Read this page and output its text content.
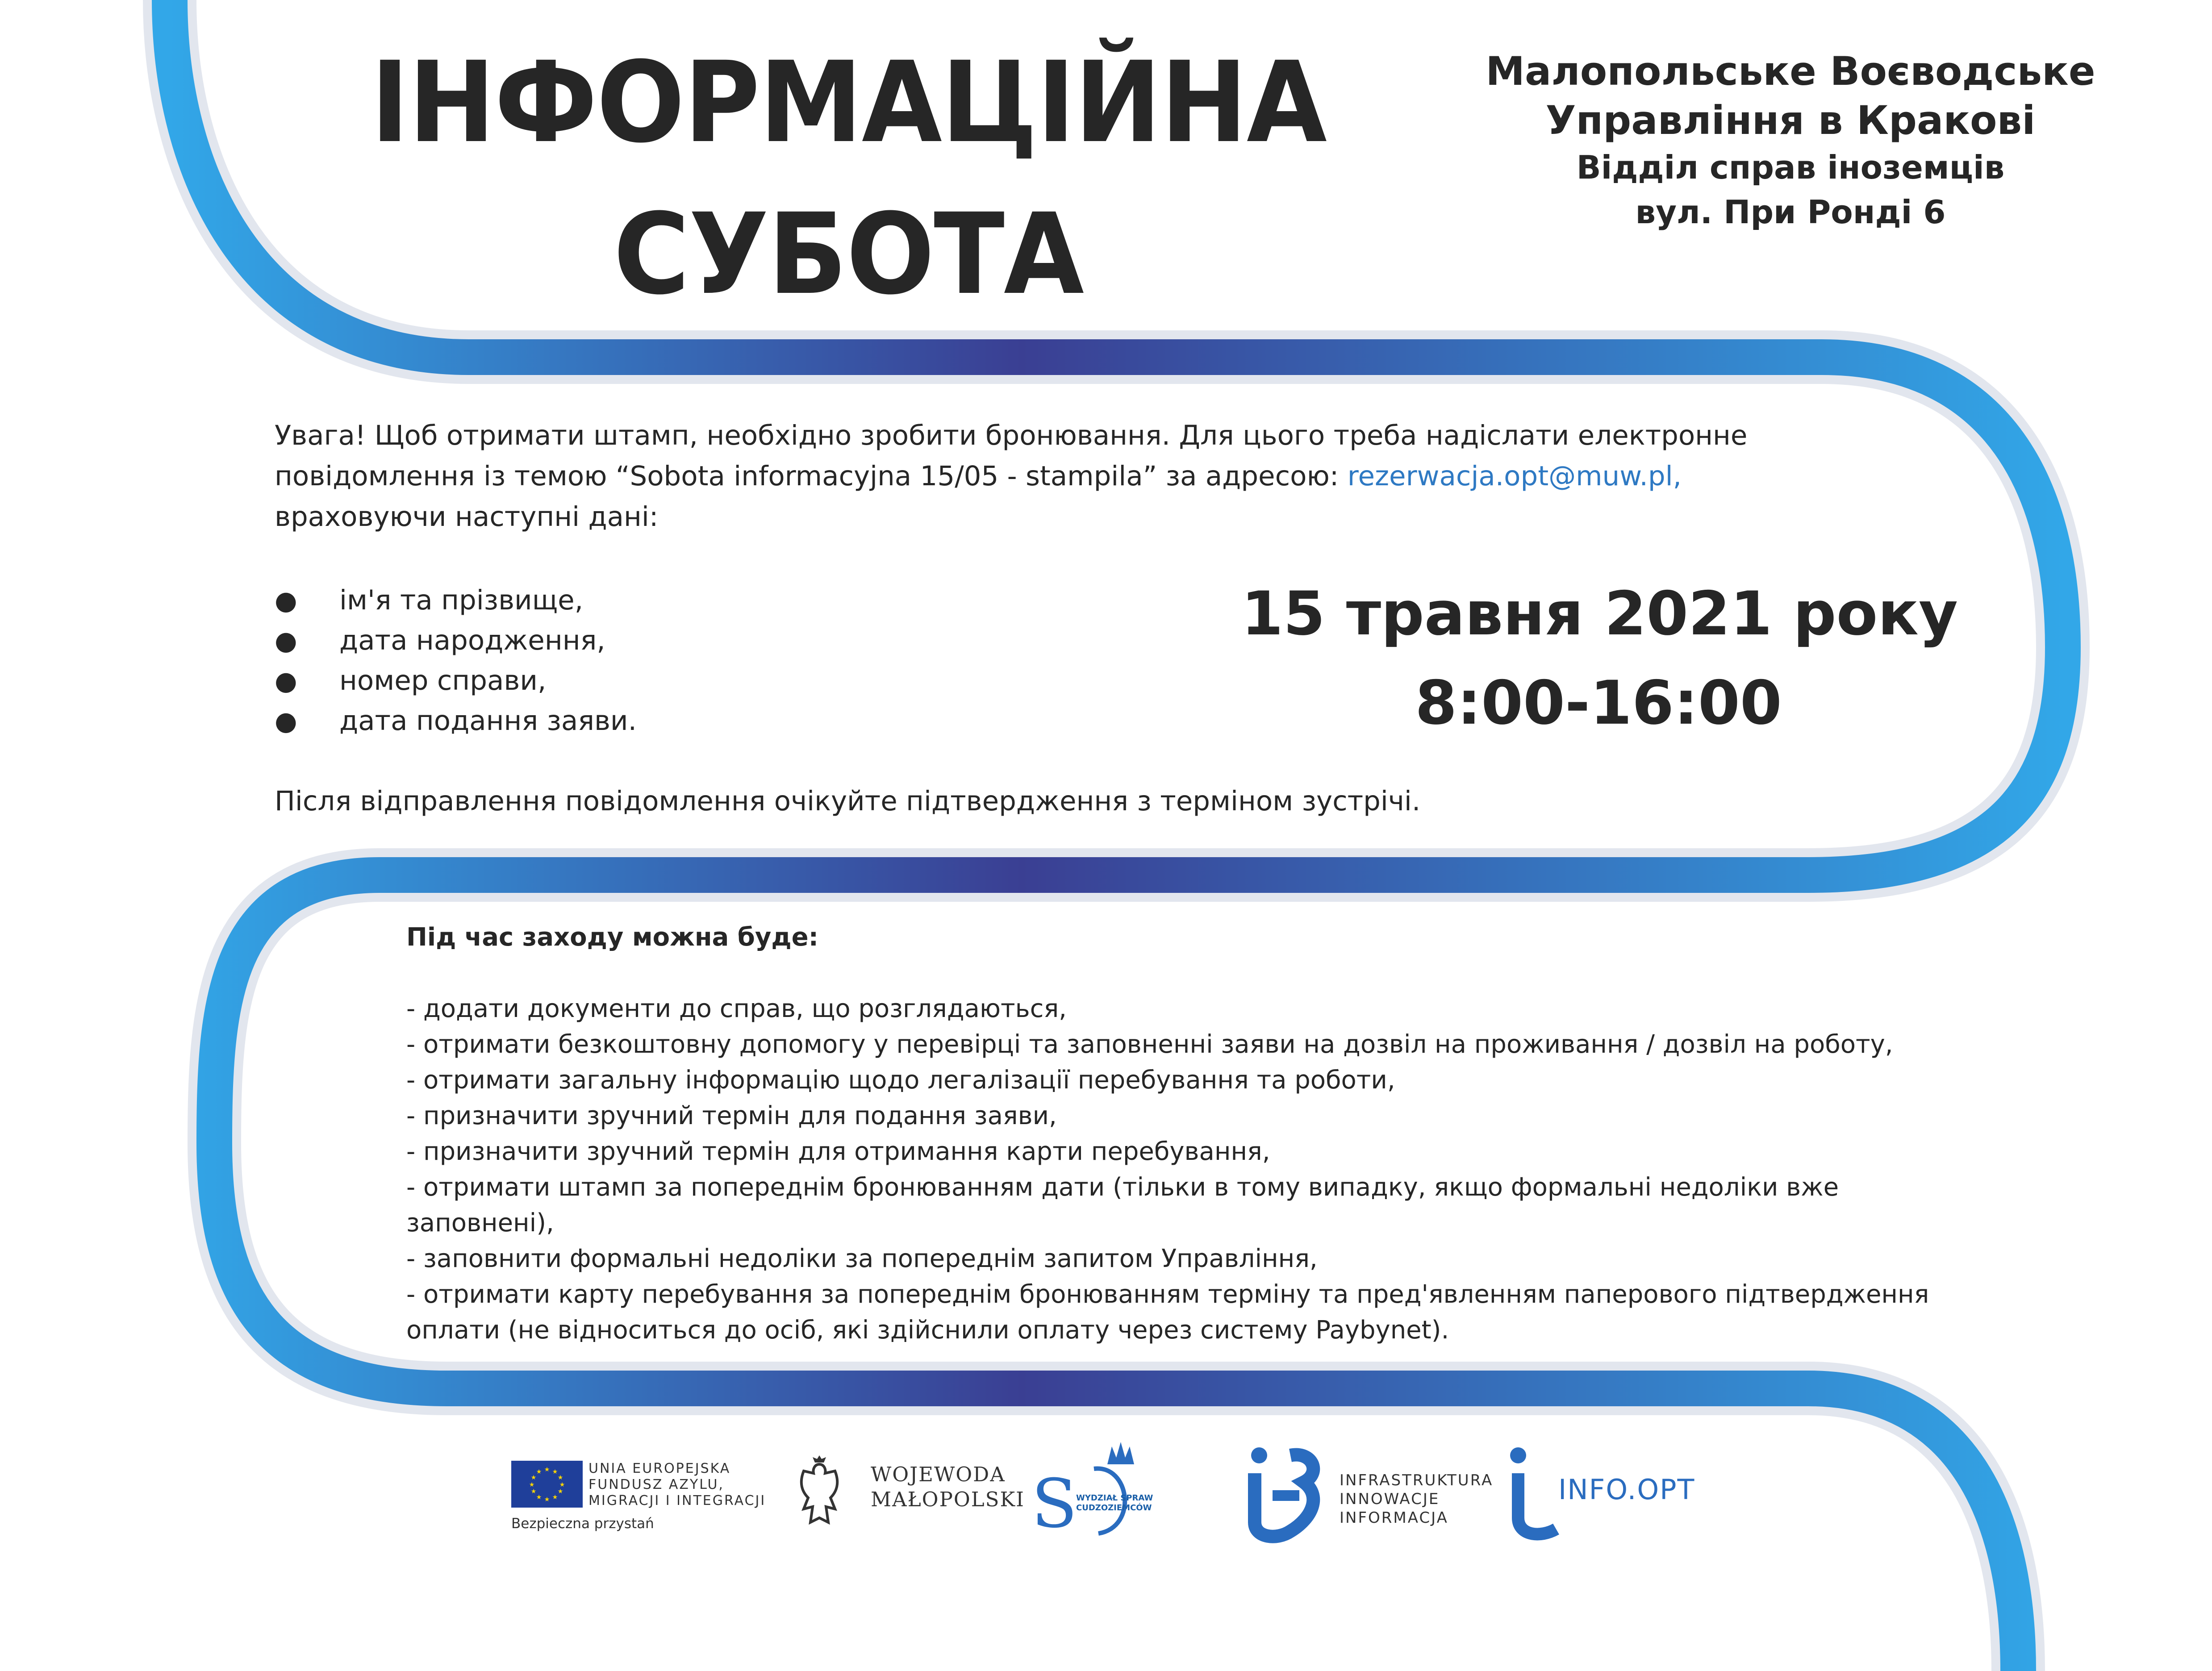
ІНФОРМАЦІЙНА
СУБОТА
Малопольське Воєводське
Управління в Кракові
Відділ справ іноземців
вул. При Ронді 6

Увага! Щоб отримати штамп, необхідно зробити бронювання. Для цього треба надіслати електронне

повідомлення із темою “Sobota informacyjna 15/05 - stampila” за адресою: rezerwacja.opt@muw.pl,

враховуючи наступні дані:

● ім'я та прізвище,
● дата народження,
● номер справи,
● дата подання заяви.
Після відправлення повідомлення очікуйте підтвердження з терміном зустрічі.
15 травня 2021 року
8:00-16:00
Під час заходу можна буде:
- додати документи до справ, що розглядаються,
- отримати безкоштовну допомогу у перевірці та заповненні заяви на дозвіл на проживання / дозвіл на роботу,
- отримати загальну інформацію щодо легалізації перебування та роботи,
- призначити зручний термін для подання заяви,
- призначити зручний термін для отримання карти перебування,
- отримати штамп за попереднім бронюванням дати (тільки в тому випадку, якщо формальні недоліки вже
заповнені),
- заповнити формальні недоліки за попереднім запитом Управління,
- отримати карту перебування за попереднім бронюванням терміну та пред'явленням паперового підтвердження
оплати (не відноситься до осіб, які здійснили оплату через систему Paybynet).
★ ★
★
★
★
★
★
★
★
★
★
★	UNIA EUROPEJSKA
FUNDUSZ AZYLU,
MIGRACJI I INTEGRACJI
Bezpieczna przystań
WOJEWODA
MAŁOPOLSKI S
WYDZIAŁ SPRAW
CUDZOZIEMCÓW
INFRASTRUKTURA
INNOWACJE
INFORMACJA
INFO.OPT
